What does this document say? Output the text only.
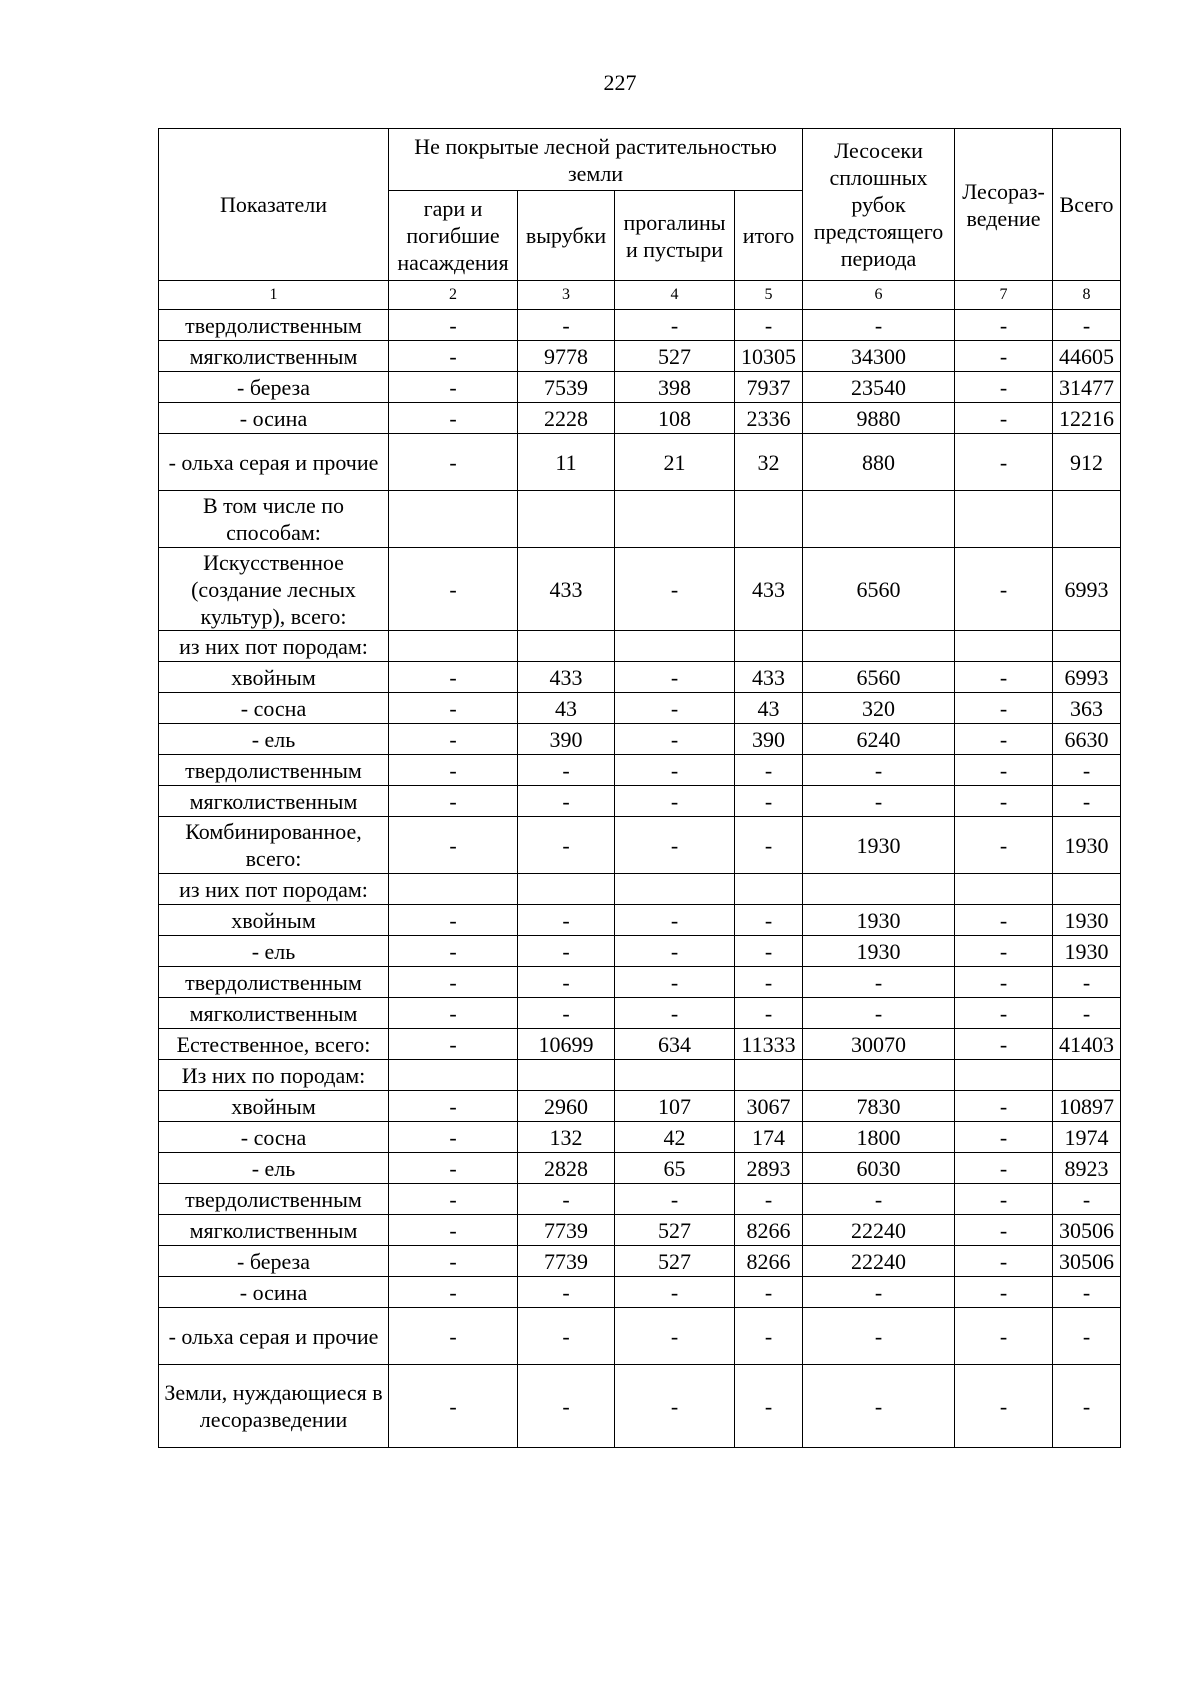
227
Показатели	Не покрытые лесной растительностью земли				Лесосеки сплошных рубок предстоящего периода	Лесораз-ведение	Всего
	гари и погибшие насаждения	вырубки	прогалины и пустыри	итого			
1	2	3	4	5	6	7	8
твердолиственным	-	-	-	-	-	-	-
мягколиственным	-	9778	527	10305	34300	-	44605
- береза	-	7539	398	7937	23540	-	31477
- осина	-	2228	108	2336	9880	-	12216
- ольха серая и прочие	-	11	21	32	880	-	912
В том числе по способам:							
Искусственное (создание лесных культур), всего:	-	433	-	433	6560	-	6993
из них пот породам:							
хвойным	-	433	-	433	6560	-	6993
- сосна	-	43	-	43	320	-	363
- ель	-	390	-	390	6240	-	6630
твердолиственным	-	-	-	-	-	-	-
мягколиственным	-	-	-	-	-	-	-
Комбинированное, всего:	-	-	-	-	1930	-	1930
из них пот породам:							
хвойным	-	-	-	-	1930	-	1930
- ель	-	-	-	-	1930	-	1930
твердолиственным	-	-	-	-	-	-	-
мягколиственным	-	-	-	-	-	-	-
Естественное, всего:	-	10699	634	11333	30070	-	41403
Из них по породам:							
хвойным	-	2960	107	3067	7830	-	10897
- сосна	-	132	42	174	1800	-	1974
- ель	-	2828	65	2893	6030	-	8923
твердолиственным	-	-	-	-	-	-	-
мягколиственным	-	7739	527	8266	22240	-	30506
- береза	-	7739	527	8266	22240	-	30506
- осина	-	-	-	-	-	-	-
- ольха серая и прочие	-	-	-	-	-	-	-
Земли, нуждающиеся в лесоразведении	-	-	-	-	-	-	-
